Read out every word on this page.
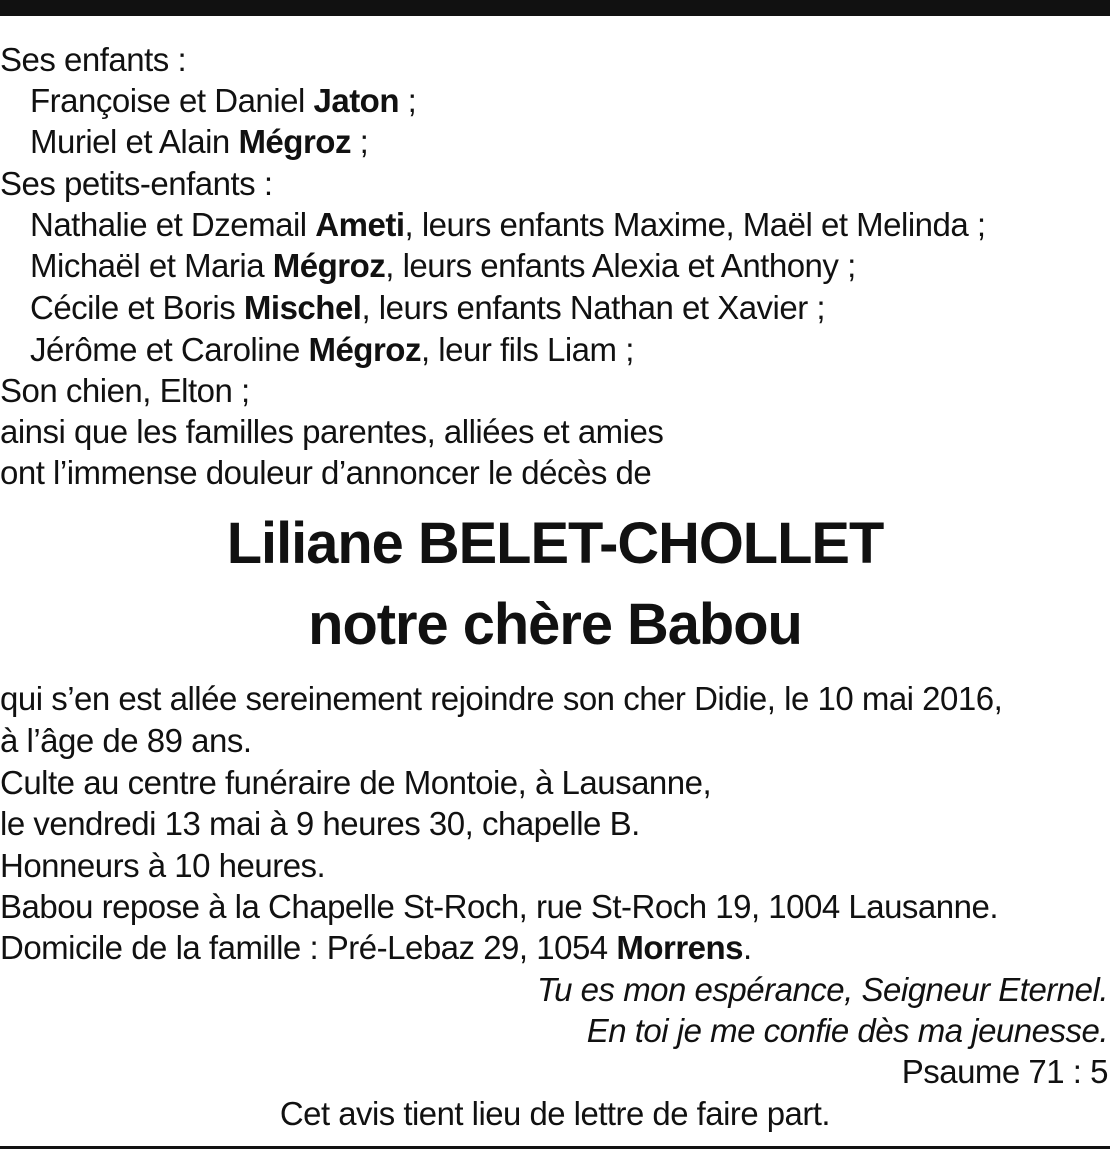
Ses enfants :
Françoise et Daniel Jaton ;
Muriel et Alain Mégroz ;
Ses petits-enfants :
Nathalie et Dzemail Ameti, leurs enfants Maxime, Maël et Melinda ;
Michaël et Maria Mégroz, leurs enfants Alexia et Anthony ;
Cécile et Boris Mischel, leurs enfants Nathan et Xavier ;
Jérôme et Caroline Mégroz, leur fils Liam ;
Son chien, Elton ;
ainsi que les familles parentes, alliées et amies
ont l’immense douleur d’annoncer le décès de
Liliane BELET-CHOLLET
notre chère Babou
qui s’en est allée sereinement rejoindre son cher Didie, le 10 mai 2016,
à l’âge de 89 ans.
Culte au centre funéraire de Montoie, à Lausanne,
le vendredi 13 mai à 9 heures 30, chapelle B.
Honneurs à 10 heures.
Babou repose à la Chapelle St-Roch, rue St-Roch 19, 1004 Lausanne.
Domicile de la famille : Pré-Lebaz 29, 1054 Morrens.
Tu es mon espérance, Seigneur Eternel.
En toi je me confie dès ma jeunesse.
Psaume 71 : 5
Cet avis tient lieu de lettre de faire part.
